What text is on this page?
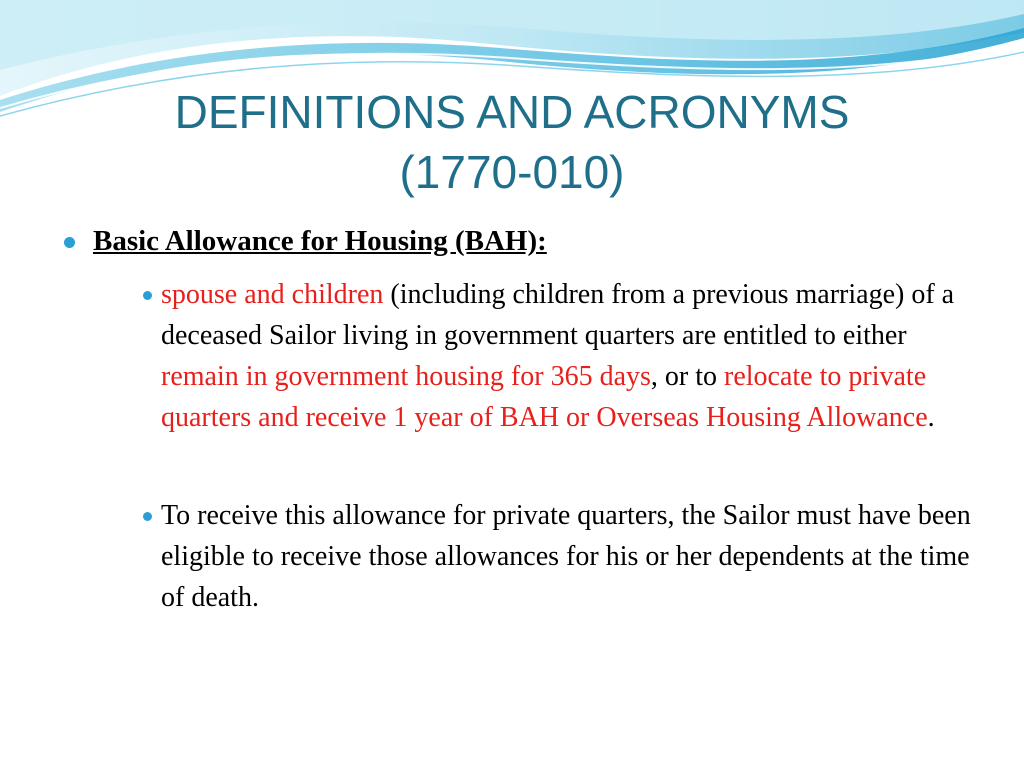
DEFINITIONS AND ACRONYMS
(1770-010)
Basic Allowance for Housing (BAH):
spouse and children (including children from a previous marriage) of a deceased Sailor living in government quarters are entitled to either remain in government housing for 365 days, or to relocate to private quarters and receive 1 year of BAH or Overseas Housing Allowance.
To receive this allowance for private quarters, the Sailor must have been eligible to receive those allowances for his or her dependents at the time of death.
